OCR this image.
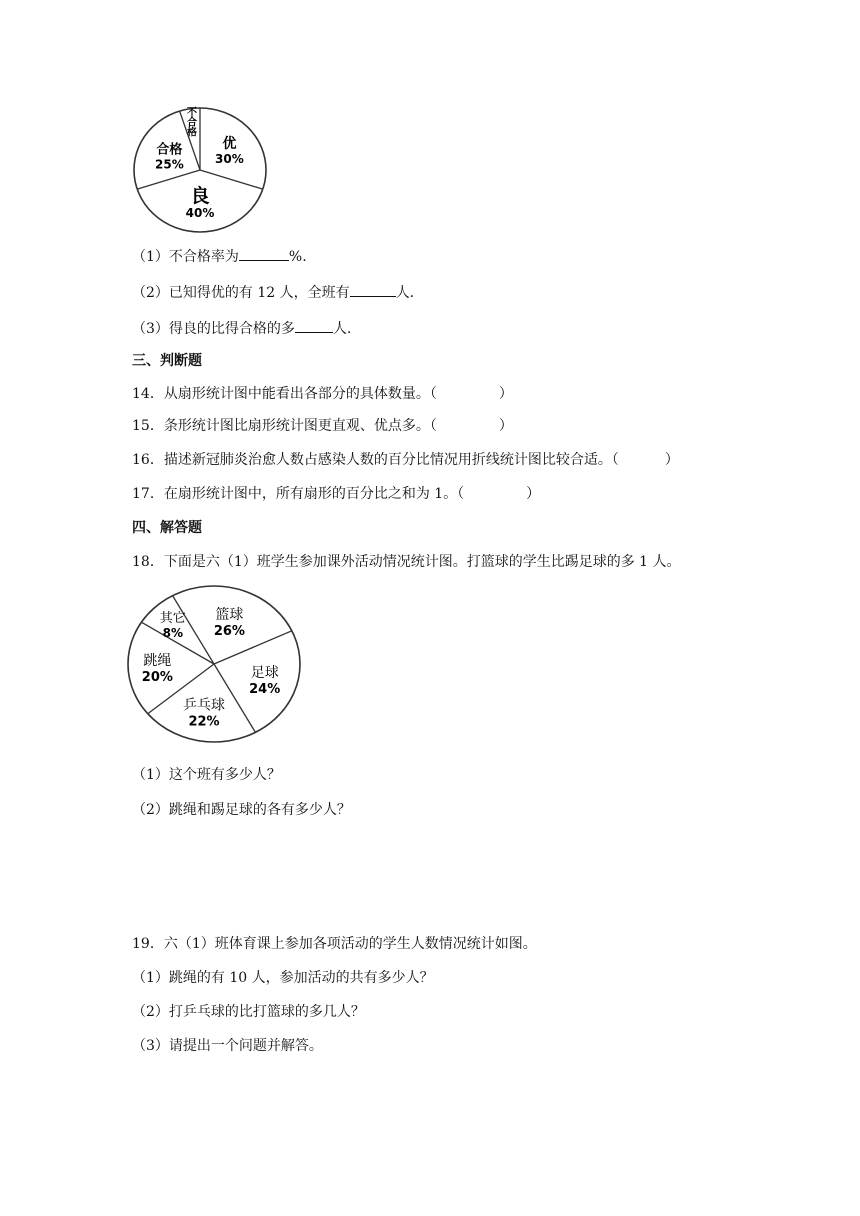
不
合
格
优
30%
良
40%
合格
25%
（1）不合格率为	%.
（2）已知得优的有 12 人，全班有	人.
（3）得良的比得合格的多	人.
三、判断题
14．从扇形统计图中能看出各部分的具体数量。（	）
15．条形统计图比扇形统计图更直观、优点多。（	）
16．描述新冠肺炎治愈人数占感染人数的百分比情况用折线统计图比较合适。（	）
17．在扇形统计图中，所有扇形的百分比之和为 1。（	）
四、解答题
18．下面是六（1）班学生参加课外活动情况统计图。打篮球的学生比踢足球的多 1 人。
篮球
26%
足球
24%
乒乓球
22%
跳绳
20%
其它
8%
（1）这个班有多少人？
（2）跳绳和踢足球的各有多少人？
19．六（1）班体育课上参加各项活动的学生人数情况统计如图。
（1）跳绳的有 10 人，参加活动的共有多少人？
（2）打乒乓球的比打篮球的多几人？
（3）请提出一个问题并解答。
